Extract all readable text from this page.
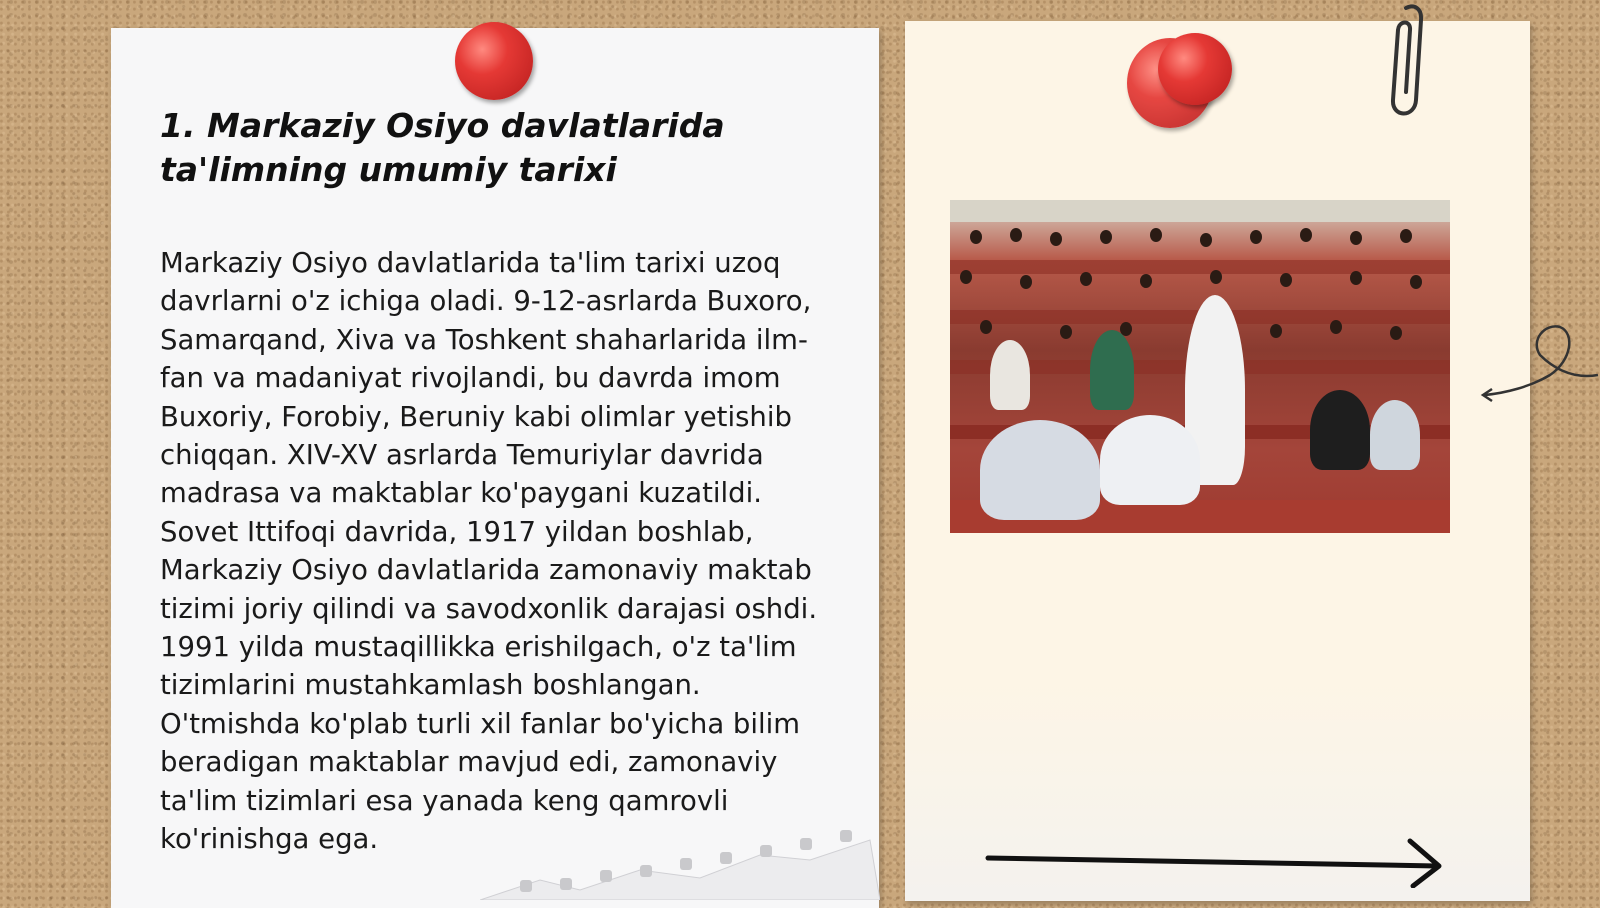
1. Markaziy Osiyo davlatlarida ta'limning umumiy tarixi

Markaziy Osiyo davlatlarida ta'lim tarixi uzoq davrlarni o'z ichiga oladi. 9-12-asrlarda Buxoro, Samarqand, Xiva va Toshkent shaharlarida ilm-fan va madaniyat rivojlandi, bu davrda imom Buxoriy, Forobiy, Beruniy kabi olimlar yetishib chiqqan. XIV-XV asrlarda Temuriylar davrida madrasa va maktablar ko'paygani kuzatildi. Sovet Ittifoqi davrida, 1917 yildan boshlab, Markaziy Osiyo davlatlarida zamonaviy maktab tizimi joriy qilindi va savodxonlik darajasi oshdi. 1991 yilda mustaqillikka erishilgach, o'z ta'lim tizimlarini mustahkamlash boshlangan. O'tmishda ko'plab turli xil fanlar bo'yicha bilim beradigan maktablar mavjud edi, zamonaviy ta'lim tizimlari esa yanada keng qamrovli ko'rinishga ega.
